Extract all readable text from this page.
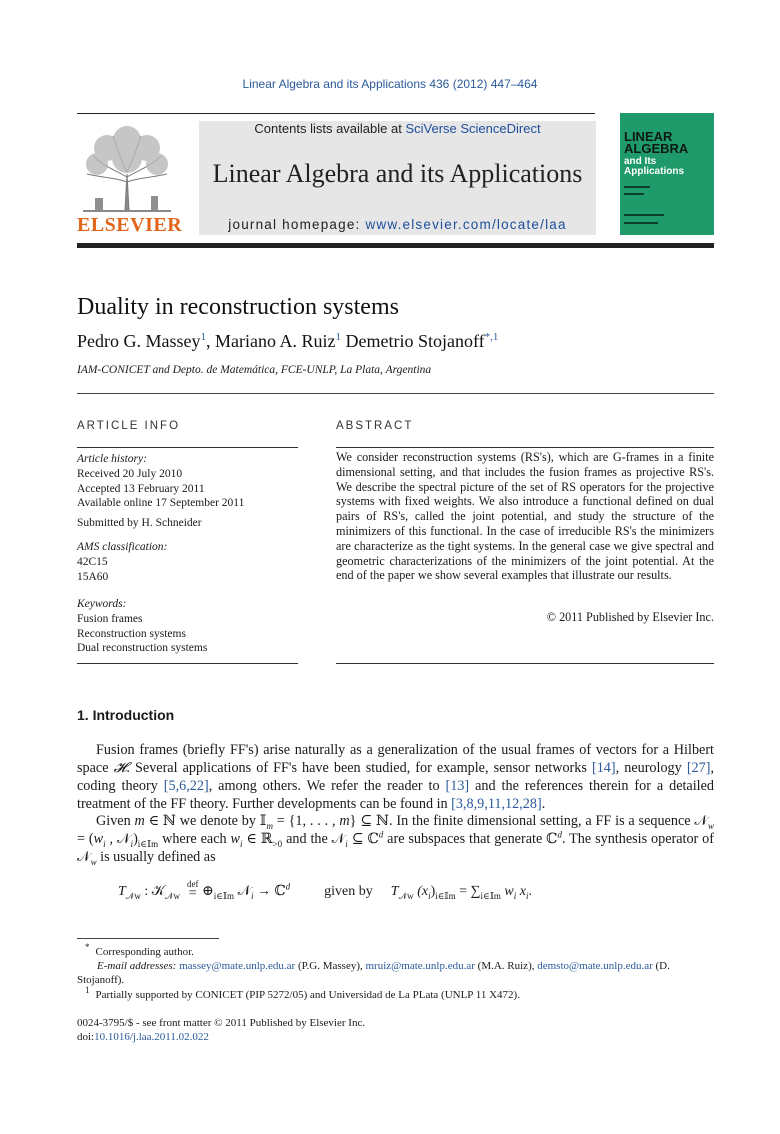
Linear Algebra and its Applications 436 (2012) 447–464
ELSEVIER
Contents lists available at SciVerse ScienceDirect
Linear Algebra and its Applications
journal homepage: www.elsevier.com/locate/laa
LINEAR
ALGEBRA
and Its
Applications
Duality in reconstruction systems
Pedro G. Massey$^1$, Mariano A. Ruiz$^1$ Demetrio Stojanoff$^{*,1}$
IAM-CONICET and Depto. de Matemática, FCE-UNLP, La Plata, Argentina
ARTICLE INFO
Article history:
Received 20 July 2010
Accepted 13 February 2011
Available online 17 September 2011
Submitted by H. Schneider
AMS classification:
42C15
15A60
Keywords:
Fusion frames
Reconstruction systems
Dual reconstruction systems
ABSTRACT
We consider reconstruction systems (RS's), which are G-frames in a finite dimensional setting, and that includes the fusion frames as projective RS's. We describe the spectral picture of the set of RS operators for the projective systems with fixed weights. We also introduce a functional defined on dual pairs of RS's, called the joint potential, and study the structure of the minimizers of this functional. In the case of irreducible RS's the minimizers are characterize as the tight systems. In the general case we give spectral and geometric characterizations of the minimizers of the joint potential. At the end of the paper we show several examples that illustrate our results.
© 2011 Published by Elsevier Inc.
1. Introduction
Fusion frames (briefly FF's) arise naturally as a generalization of the usual frames of vectors for a Hilbert space 𝓗. Several applications of FF's have been studied, for example, sensor networks [14], neurology [27], coding theory [5,6,22], among others. We refer the reader to [13] and the references therein for a detailed treatment of the FF theory. Further developments can be found in [3,8,9,11,12,28].
Given m ∈ ℕ we denote by 𝕀$_m$ = {1, . . . , m} ⊆ ℕ. In the finite dimensional setting, a FF is a sequence 𝒩$_w$ = ($w_i$ , $𝒩_i)_{i\in 𝕀m}$ where each $w_i$ ∈ ℝ$_{>0}$ and the 𝒩$_i$ ⊆ ℂ$^d$ are subspaces that generate ℂ$^d$. The synthesis operator of 𝒩$_w$ is usually defined as
$T_{𝒩w}$ : 𝒦$_{𝒩w}$
def
= $\oplus_{i\in 𝕀m}$ 𝒩$_i$ → ℂ$^d$ given by $T_{𝒩w}$ $(x_i)_{i\in 𝕀m} = \sum_{i\in 𝕀m}$ $w_i$ $x_i$.
* Corresponding author.
E-mail addresses: massey@mate.unlp.edu.ar (P.G. Massey), mruiz@mate.unlp.edu.ar (M.A. Ruiz), demsto@mate.unlp.edu.ar (D. Stojanoff).
$^1$ Partially supported by CONICET (PIP 5272/05) and Universidad de La PLata (UNLP 11 X472).
0024-3795/$ - see front matter © 2011 Published by Elsevier Inc.
doi:10.1016/j.laa.2011.02.022
